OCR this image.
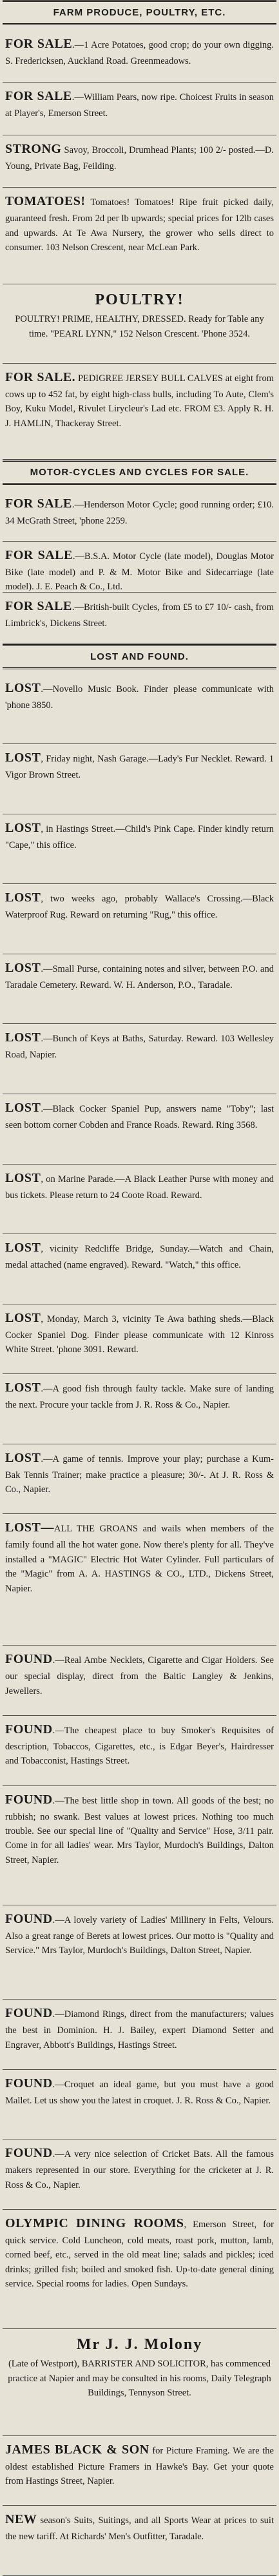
FARM PRODUCE, POULTRY, ETC.
FOR SALE.—1 Acre Potatoes, good crop; do your own digging. S. Fredericksen, Auckland Road. Greenmeadows.
FOR SALE.—William Pears, now ripe. Choicest Fruits in season at Player's, Emerson Street.
STRONG Savoy, Broccoli, Drumhead Plants; 100 2/- posted.—D. Young, Private Bag, Feilding.
TOMATOES! Tomatoes! Tomatoes! Ripe fruit picked daily, guaranteed fresh. From 2d per lb upwards; special prices for 12lb cases and upwards. At Te Awa Nursery, the grower who sells direct to consumer. 103 Nelson Crescent, near McLean Park.
POULTRY!
POULTRY! PRIME, HEALTHY, DRESSED. Ready for Table any time. "PEARL LYNN," 152 Nelson Crescent. 'Phone 3524.
FOR SALE. PEDIGREE JERSEY BULL CALVES at eight from cows up to 452 fat, by eight high-class bulls, including To Aute, Clem's Boy, Kuku Model, Rivulet Lirycleur's Lad etc. FROM £3. Apply R. H. J. HAMLIN, Thackeray Street.
MOTOR-CYCLES AND CYCLES FOR SALE.
FOR SALE.—Henderson Motor Cycle; good running order; £10. 34 McGrath Street, 'phone 2259.
FOR SALE.—B.S.A. Motor Cycle (late model), Douglas Motor Bike (late model) and P. & M. Motor Bike and Sidecarriage (late model). J. E. Peach & Co., Ltd.
FOR SALE.—British-built Cycles, from £5 to £7 10/- cash, from Limbrick's, Dickens Street.
LOST AND FOUND.
LOST.—Novello Music Book. Finder please communicate with 'phone 3850.
LOST, Friday night, Nash Garage.—Lady's Fur Necklet. Reward. 1 Vigor Brown Street.
LOST, in Hastings Street.—Child's Pink Cape. Finder kindly return "Cape," this office.
LOST, two weeks ago, probably Wallace's Crossing.—Black Waterproof Rug. Reward on returning "Rug," this office.
LOST.—Small Purse, containing notes and silver, between P.O. and Taradale Cemetery. Reward. W. H. Anderson, P.O., Taradale.
LOST.—Bunch of Keys at Baths, Saturday. Reward. 103 Wellesley Road, Napier.
LOST.—Black Cocker Spaniel Pup, answers name "Toby"; last seen bottom corner Cobden and France Roads. Reward. Ring 3568.
LOST, on Marine Parade.—A Black Leather Purse with money and bus tickets. Please return to 24 Coote Road. Reward.
LOST, vicinity Redcliffe Bridge, Sunday.—Watch and Chain, medal attached (name engraved). Reward. "Watch," this office.
LOST, Monday, March 3, vicinity Te Awa bathing sheds.—Black Cocker Spaniel Dog. Finder please communicate with 12 Kinross White Street. 'phone 3091. Reward.
LOST.—A good fish through faulty tackle. Make sure of landing the next. Procure your tackle from J. R. Ross & Co., Napier.
LOST.—A game of tennis. Improve your play; purchase a Kum-Bak Tennis Trainer; make practice a pleasure; 30/-. At J. R. Ross & Co., Napier.
LOST—ALL THE GROANS and wails when members of the family found all the hot water gone. Now there's plenty for all. They've installed a "MAGIC" Electric Hot Water Cylinder. Full particulars of the "Magic" from A. A. HASTINGS & CO., LTD., Dickens Street, Napier.
FOUND.—Real Ambe Necklets, Cigarette and Cigar Holders. See our special display, direct from the Baltic Langley & Jenkins, Jewellers.
FOUND.—The cheapest place to buy Smoker's Requisites of description, Tobaccos, Cigarettes, etc., is Edgar Beyer's, Hairdresser and Tobacconist, Hastings Street.
FOUND.—The best little shop in town. All goods of the best; no rubbish; no swank. Best values at lowest prices. Nothing too much trouble. See our special line of "Quality and Service" Hose, 3/11 pair. Come in for all ladies' wear. Mrs Taylor, Murdoch's Buildings, Dalton Street, Napier.
FOUND.—A lovely variety of Ladies' Millinery in Felts, Velours. Also a great range of Berets at lowest prices. Our motto is "Quality and Service." Mrs Taylor, Murdoch's Buildings, Dalton Street, Napier.
FOUND.—Diamond Rings, direct from the manufacturers; values the best in Dominion. H. J. Bailey, expert Diamond Setter and Engraver, Abbott's Buildings, Hastings Street.
FOUND.—Croquet an ideal game, but you must have a good Mallet. Let us show you the latest in croquet. J. R. Ross & Co., Napier.
FOUND.—A very nice selection of Cricket Bats. All the famous makers represented in our store. Everything for the cricketer at J. R. Ross & Co., Napier.
OLYMPIC DINING ROOMS, Emerson Street, for quick service. Cold Luncheon, cold meats, roast pork, mutton, lamb, corned beef, etc., served in the old meat line; salads and pickles; iced drinks; grilled fish; boiled and smoked fish. Up-to-date general dining service. Special rooms for ladies. Open Sundays.
Mr J. J. Molony
(Late of Westport), BARRISTER AND SOLICITOR, has commenced practice at Napier and may be consulted in his rooms, Daily Telegraph Buildings, Tennyson Street.
JAMES BLACK & SON for Picture Framing. We are the oldest established Picture Framers in Hawke's Bay. Get your quote from Hastings Street, Napier.
NEW season's Suits, Suitings, and all Sports Wear at prices to suit the new tariff. At Richards' Men's Outfitter, Taradale.
